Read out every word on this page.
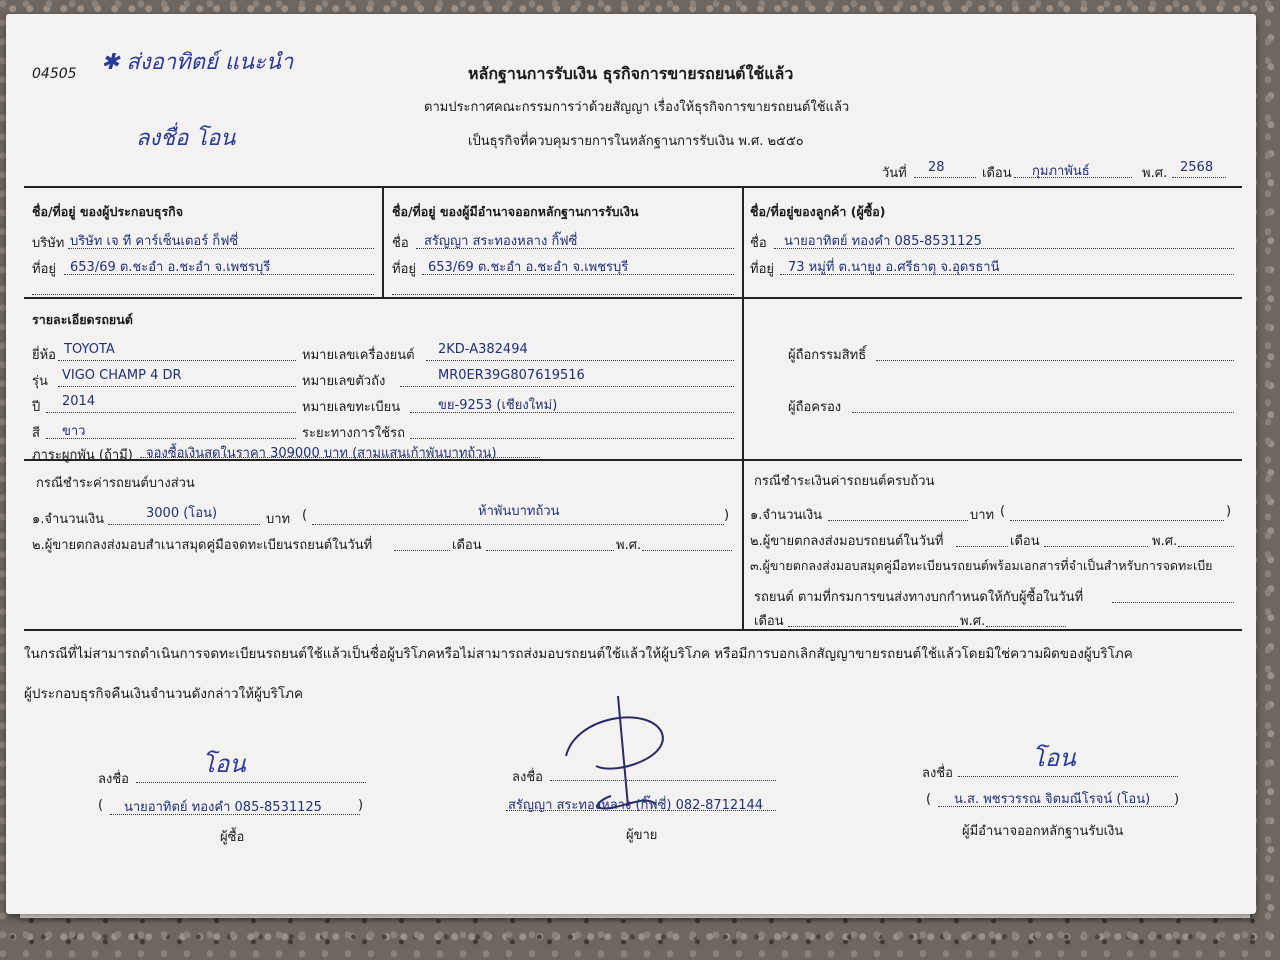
04505 ✱ ส่งอาทิตย์ แนะนำ
ลงชื่อ โอน
หลักฐานการรับเงิน ธุรกิจการขายรถยนต์ใช้แล้ว
ตามประกาศคณะกรรมการว่าด้วยสัญญา เรื่องให้ธุรกิจการขายรถยนต์ใช้แล้ว
เป็นธุรกิจที่ควบคุมรายการในหลักฐานการรับเงิน พ.ศ. ๒๕๕๐
วันที่ 28	เดือน กุมภาพันธ์	พ.ศ. 2568
ชื่อ/ที่อยู่ ของผู้ประกอบธุรกิจ
บริษัท บริษัท เจ ที คาร์เซ็นเตอร์ ก็ฟซี่
ที่อยู่ 653/69 ต.ชะอำ อ.ชะอำ จ.เพชรบุรี
ชื่อ/ที่อยู่ ของผู้มีอำนาจออกหลักฐานการรับเงิน
ชื่อ สรัญญา สระทองหลาง กิ๊ฟซี่
ที่อยู่ 653/69 ต.ชะอำ อ.ชะอำ จ.เพชรบุรี
ชื่อ/ที่อยู่ของลูกค้า (ผู้ซื้อ)
ชื่อ นายอาทิตย์ ทองคำ 085-8531125
ที่อยู่ 73 หมู่ที่ ต.นายูง อ.ศรีธาตุ จ.อุดรธานี
รายละเอียดรถยนต์
ยี่ห้อ TOYOTA	หมายเลขเครื่องยนต์ 2KD-A382494
รุ่น VIGO CHAMP 4 DR	หมายเลขตัวถัง	MR0ER39G807619516
ปี 2014	หมายเลขทะเบียน	ขย-9253 (เชียงใหม่)
สี ขาว	ระยะทางการใช้รถ
ภาระผูกพัน (ถ้ามี) จองซื้อเงินสดในราคา 309000 บาท (สามแสนเก้าพันบาทถ้วน)
ผู้ถือกรรมสิทธิ์
ผู้ถือครอง
กรณีชำระค่ารถยนต์บางส่วน
๑.จำนวนเงิน	3000 (โอน)	บาท (	ห้าพันบาทถ้วน	)
๒.ผู้ขายตกลงส่งมอบสำเนาสมุดคู่มือจดทะเบียนรถยนต์ในวันที่	เดือน	พ.ศ.
กรณีชำระเงินค่ารถยนต์ครบถ้วน
๑.จำนวนเงิน	บาท (	)
๒.ผู้ขายตกลงส่งมอบรถยนต์ในวันที่	เดือน	พ.ศ.
๓.ผู้ขายตกลงส่งมอบสมุดคู่มือทะเบียนรถยนต์พร้อมเอกสารที่จำเป็นสำหรับการจดทะเบีย
รถยนต์ ตามที่กรมการขนส่งทางบกกำหนดให้กับผู้ซื้อในวันที่
เดือน	พ.ศ.
ในกรณีที่ไม่สามารถดำเนินการจดทะเบียนรถยนต์ใช้แล้วเป็นชื่อผู้บริโภคหรือไม่สามารถส่งมอบรถยนต์ใช้แล้วให้ผู้บริโภค หรือมีการบอกเลิกสัญญาขายรถยนต์ใช้แล้วโดยมิใช่ความผิดของผู้บริโภค
ผู้ประกอบธุรกิจคืนเงินจำนวนดังกล่าวให้ผู้บริโภค
โอน
ลงชื่อ
( นายอาทิตย์ ทองคำ 085-8531125	)
ผู้ซื้อ
ลงชื่อ
สรัญญา สระทองหลาง (กิ๊ฟซี่) 082-8712144
ผู้ขาย
โอน
ลงชื่อ
( น.ส. พชรวรรณ จิตมณีโรจน์ (โอน) )
ผู้มีอำนาจออกหลักฐานรับเงิน
